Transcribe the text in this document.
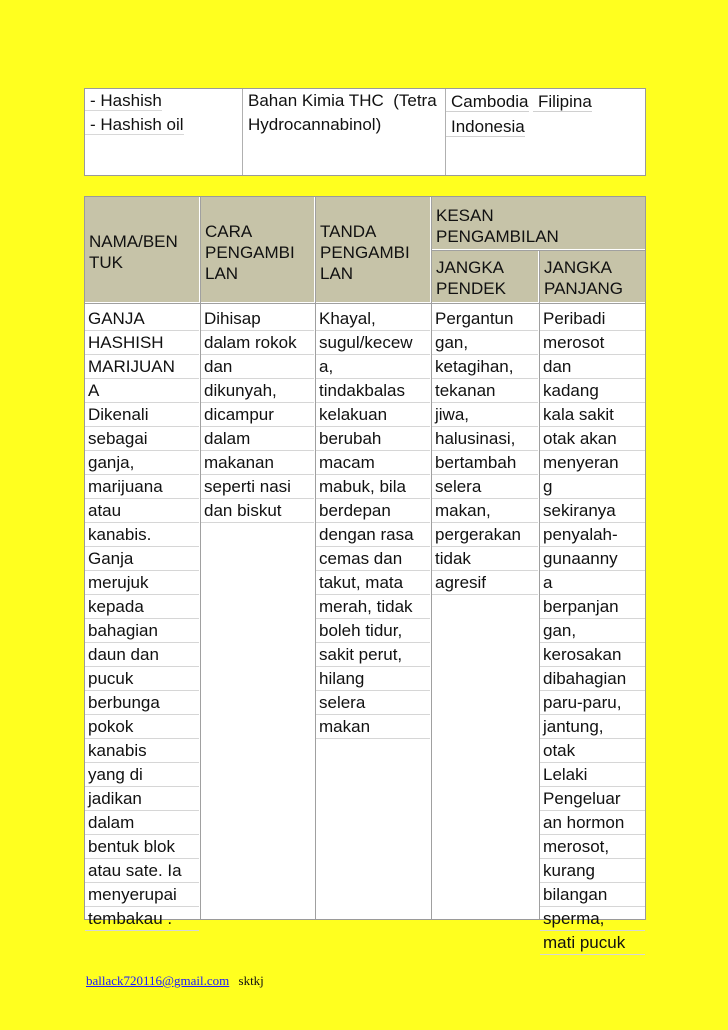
- Hashish - Hashish oil
Bahan Kimia THC (Tetra Hydrocannabinol)
Cambodia Filipina Indonesia
NAMA/BEN
TUK
CARA
PENGAMBI
LAN
TANDA
PENGAMBI
LAN
KESAN
PENGAMBILAN
JANGKA
PENDEK
JANGKA
PANJANG
GANJA
HASHISH
MARIJUAN
A
Dikenali
sebagai
ganja,
marijuana
atau
kanabis.
Ganja
merujuk
kepada
bahagian
daun dan
pucuk
berbunga
pokok
kanabis
yang di
jadikan
dalam
bentuk blok
atau sate. Ia
menyerupai
tembakau .
Dihisap
dalam rokok
dan
dikunyah,
dicampur
dalam
makanan
seperti nasi
dan biskut
Khayal,
sugul/kecew
a,
tindakbalas
kelakuan
berubah
macam
mabuk, bila
berdepan
dengan rasa
cemas dan
takut, mata
merah, tidak
boleh tidur,
sakit perut,
hilang
selera
makan
Pergantun
gan,
ketagihan,
tekanan
jiwa,
halusinasi,
bertambah
selera
makan,
pergerakan
tidak
agresif
Peribadi
merosot
dan
kadang
kala sakit
otak akan
menyeran
g
sekiranya
penyalah-
gunaanny
a
berpanjan
gan,
kerosakan
dibahagian
paru-paru,
jantung,
otak
Lelaki
Pengeluar
an hormon
merosot,
kurang
bilangan
sperma,
mati pucuk
ballack720116@gmail.com sktkj
